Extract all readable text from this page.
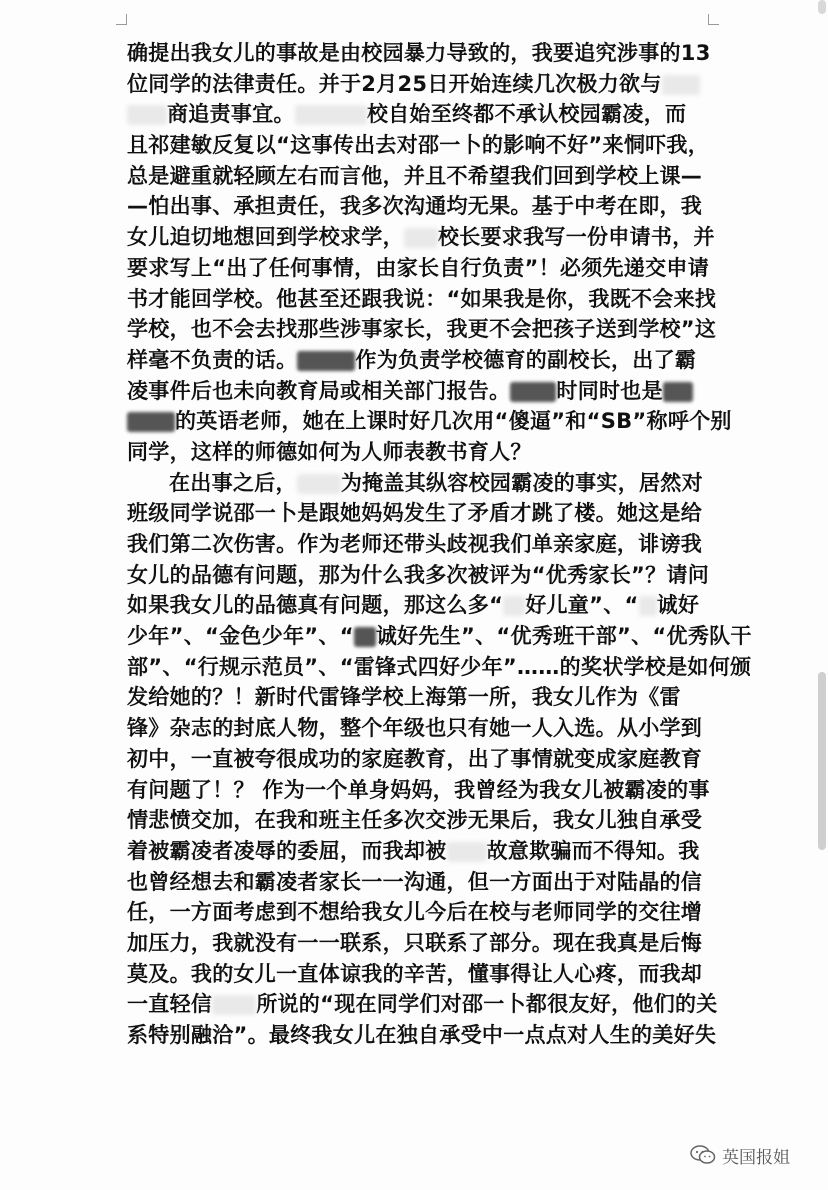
确提出我女儿的事故是由校园暴力导致的，我要追究涉事的13
位同学的法律责任。并于2月25日开始连续几次极力欲与
商追责事宜。	校自始至终都不承认校园霸凌，而
且祁建敏反复以“这事传出去对邵一卜的影响不好”来恫吓我，
总是避重就轻顾左右而言他，并且不希望我们回到学校上课—
—怕出事、承担责任，我多次沟通均无果。基于中考在即，我
女儿迫切地想回到学校求学， 校长要求我写一份申请书，并
要求写上“出了任何事情，由家长自行负责”！必须先递交申请
书才能回学校。他甚至还跟我说：“如果我是你，我既不会来找
学校，也不会去找那些涉事家长，我更不会把孩子送到学校”这
样毫不负责的话。	作为负责学校德育的副校长，出了霸
凌事件后也未向教育局或相关部门报告。 时同时也是
的英语老师，她在上课时好几次用“傻逼”和“SB”称呼个别
同学，这样的师德如何为人师表教书育人？
在出事之后， 为掩盖其纵容校园霸凌的事实，居然对
班级同学说邵一卜是跟她妈妈发生了矛盾才跳了楼。她这是给
我们第二次伤害。作为老师还带头歧视我们单亲家庭，诽谤我
女儿的品德有问题，那为什么我多次被评为“优秀家长”？请问
如果我女儿的品德真有问题，那这么多“ 好儿童”、“ 诚好
少年”、“金色少年”、“ 诚好先生”、“优秀班干部”、“优秀队干
部”、“行规示范员”、“雷锋式四好少年”……的奖状学校是如何颁
发给她的？！新时代雷锋学校上海第一所，我女儿作为《雷
锋》杂志的封底人物，整个年级也只有她一人入选。从小学到
初中，一直被夸很成功的家庭教育，出了事情就变成家庭教育
有问题了！？ 作为一个单身妈妈，我曾经为我女儿被霸凌的事
情悲愤交加，在我和班主任多次交涉无果后，我女儿独自承受
着被霸凌者凌辱的委屈，而我却被 故意欺骗而不得知。我
也曾经想去和霸凌者家长一一沟通，但一方面出于对陆晶的信
任，一方面考虑到不想给我女儿今后在校与老师同学的交往增
加压力，我就没有一一联系，只联系了部分。现在我真是后悔
莫及。我的女儿一直体谅我的辛苦，懂事得让人心疼，而我却
一直轻信 所说的“现在同学们对邵一卜都很友好，他们的关
系特别融洽”。最终我女儿在独自承受中一点点对人生的美好失
英国报姐
